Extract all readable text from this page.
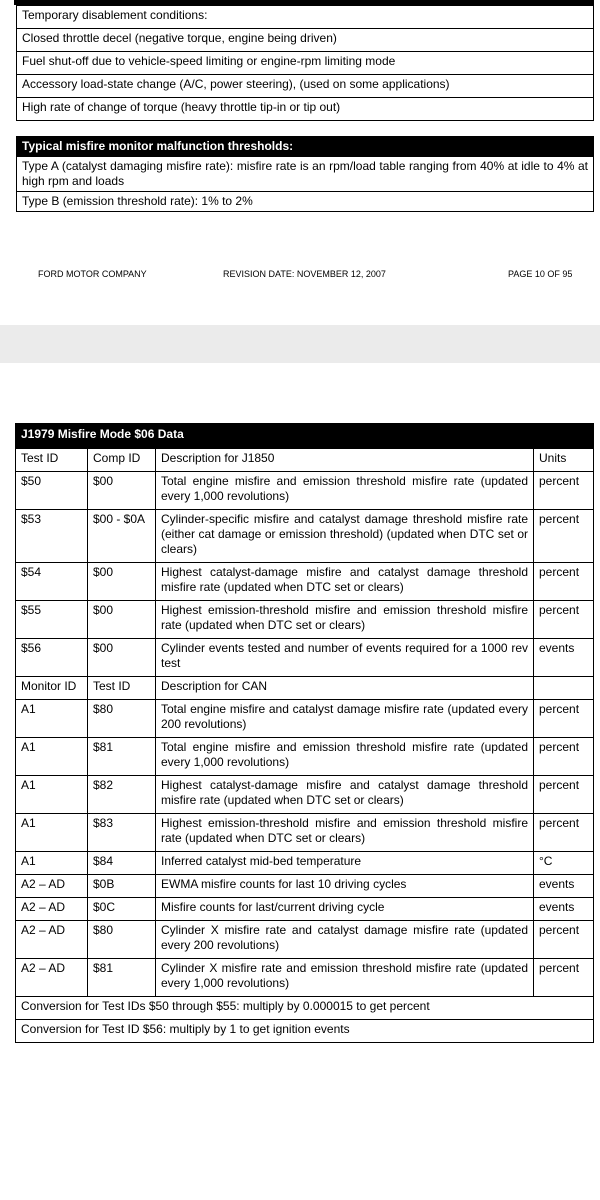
Temporary disablement conditions:
Closed throttle decel (negative torque, engine being driven)
Fuel shut-off due to vehicle-speed limiting or engine-rpm limiting mode
Accessory load-state change (A/C, power steering), (used on some applications)
High rate of change of torque (heavy throttle tip-in or tip out)
Typical misfire monitor malfunction thresholds:
Type A (catalyst damaging misfire rate): misfire rate is an rpm/load table ranging from 40% at idle to 4% at high rpm and loads
Type B (emission threshold rate): 1% to 2%
FORD MOTOR COMPANY	REVISION DATE: NOVEMBER 12, 2007	PAGE 10 OF 95
J1979 Misfire Mode $06 Data			
Test ID	Comp ID	Description for J1850	Units
$50	$00	Total engine misfire and emission threshold misfire rate (updated every 1,000 revolutions)	percent
$53	$00 - $0A	Cylinder-specific misfire and catalyst damage threshold misfire rate (either cat damage or emission threshold) (updated when DTC set or clears)	percent
$54	$00	Highest catalyst-damage misfire and catalyst damage threshold misfire rate (updated when DTC set or clears)	percent
$55	$00	Highest emission-threshold misfire and emission threshold misfire rate (updated when DTC set or clears)	percent
$56	$00	Cylinder events tested and number of events required for a 1000 rev test	events
Monitor ID	Test ID	Description for CAN	
A1	$80	Total engine misfire and catalyst damage misfire rate (updated every 200 revolutions)	percent
A1	$81	Total engine misfire and emission threshold misfire rate (updated every 1,000 revolutions)	percent
A1	$82	Highest catalyst-damage misfire and catalyst damage threshold misfire rate (updated when DTC set or clears)	percent
A1	$83	Highest emission-threshold misfire and emission threshold misfire rate (updated when DTC set or clears)	percent
A1	$84	Inferred catalyst mid-bed temperature	°C
A2 – AD	$0B	EWMA misfire counts for last 10 driving cycles	events
A2 – AD	$0C	Misfire counts for last/current driving cycle	events
A2 – AD	$80	Cylinder X misfire rate and catalyst damage misfire rate (updated every 200 revolutions)	percent
A2 – AD	$81	Cylinder X misfire rate and emission threshold misfire rate (updated every 1,000 revolutions)	percent
Conversion for Test IDs $50 through $55: multiply by 0.000015 to get percent			
Conversion for Test ID $56: multiply by 1 to get ignition events			
